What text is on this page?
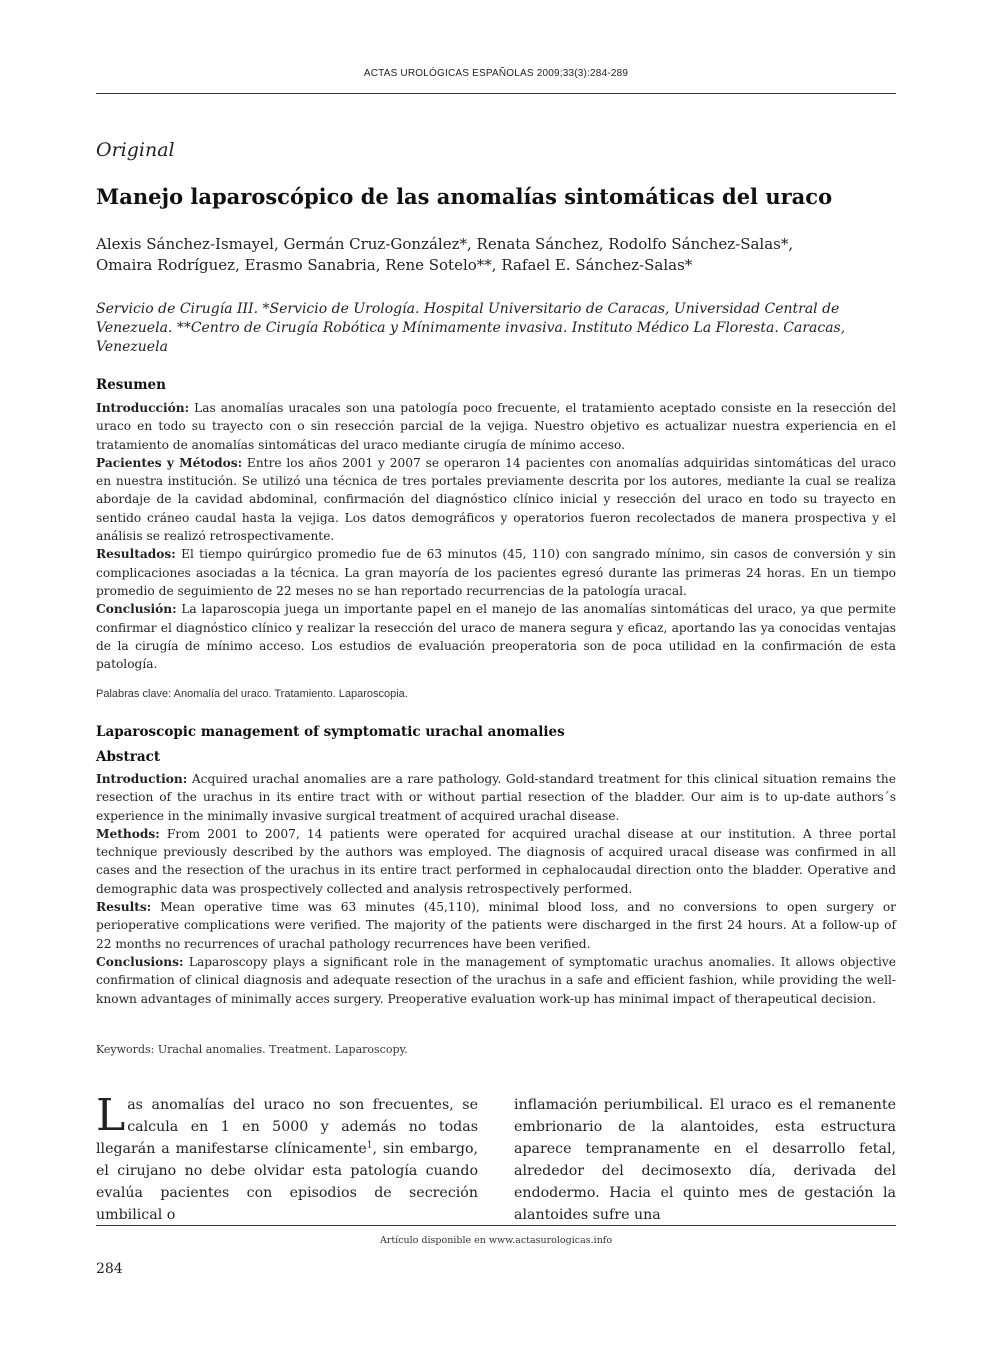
ACTAS UROLÓGICAS ESPAÑOLAS 2009;33(3):284-289
Original
Manejo laparoscópico de las anomalías sintomáticas del uraco
Alexis Sánchez-Ismayel, Germán Cruz-González*, Renata Sánchez, Rodolfo Sánchez-Salas*,
Omaira Rodríguez, Erasmo Sanabria, Rene Sotelo**, Rafael E. Sánchez-Salas*
Servicio de Cirugía III. *Servicio de Urología. Hospital Universitario de Caracas, Universidad Central de Venezuela. **Centro de Cirugía Robótica y Mínimamente invasiva. Instituto Médico La Floresta. Caracas, Venezuela
Resumen

Introducción: Las anomalías uracales son una patología poco frecuente, el tratamiento aceptado consiste en la resección del uraco en todo su trayecto con o sin resección parcial de la vejiga. Nuestro objetivo es actualizar nuestra experiencia en el tratamiento de anomalías sintomáticas del uraco mediante cirugía de mínimo acceso.

Pacientes y Métodos: Entre los años 2001 y 2007 se operaron 14 pacientes con anomalías adquiridas sintomáticas del uraco en nuestra institución. Se utilizó una técnica de tres portales previamente descrita por los autores, mediante la cual se realiza abordaje de la cavidad abdominal, confirmación del diagnóstico clínico inicial y resección del uraco en todo su trayecto en sentido cráneo caudal hasta la vejiga. Los datos demográficos y operatorios fueron recolectados de manera prospectiva y el análisis se realizó retrospectivamente.

Resultados: El tiempo quirúrgico promedio fue de 63 minutos (45, 110) con sangrado mínimo, sin casos de conversión y sin complicaciones asociadas a la técnica. La gran mayoría de los pacientes egresó durante las primeras 24 horas. En un tiempo promedio de seguimiento de 22 meses no se han reportado recurrencias de la patología uracal.

Conclusión: La laparoscopia juega un importante papel en el manejo de las anomalías sintomáticas del uraco, ya que permite confirmar el diagnóstico clínico y realizar la resección del uraco de manera segura y eficaz, aportando las ya conocidas ventajas de la cirugía de mínimo acceso. Los estudios de evaluación preoperatoria son de poca utilidad en la confirmación de esta patología.

Palabras clave: Anomalía del uraco. Tratamiento. Laparoscopia.
Laparoscopic management of symptomatic urachal anomalies
Abstract

Introduction: Acquired urachal anomalies are a rare pathology. Gold-standard treatment for this clinical situation remains the resection of the urachus in its entire tract with or without partial resection of the bladder. Our aim is to up-date authors´s experience in the minimally invasive surgical treatment of acquired urachal disease.

Methods: From 2001 to 2007, 14 patients were operated for acquired urachal disease at our institution. A three portal technique previously described by the authors was employed. The diagnosis of acquired uracal disease was confirmed in all cases and the resection of the urachus in its entire tract performed in cephalocaudal direction onto the bladder. Operative and demographic data was prospectively collected and analysis retrospectively performed.

Results: Mean operative time was 63 minutes (45,110), minimal blood loss, and no conversions to open surgery or perioperative complications were verified. The majority of the patients were discharged in the first 24 hours. At a follow-up of 22 months no recurrences of urachal pathology recurrences have been verified.

Conclusions: Laparoscopy plays a significant role in the management of symptomatic urachus anomalies. It allows objective confirmation of clinical diagnosis and adequate resection of the urachus in a safe and efficient fashion, while providing the well-known advantages of minimally acces surgery. Preoperative evaluation work-up has minimal impact of therapeutical decision.

Keywords: Urachal anomalies. Treatment. Laparoscopy.
Las anomalías del uraco no son frecuentes, se calcula en 1 en 5000 y además no todas llegarán a manifestarse clínicamente$^1$, sin embargo, el cirujano no debe olvidar esta patología cuando evalúa pacientes con episodios de secreción umbilical o
inflamación periumbilical. El uraco es el remanente embrionario de la alantoides, esta estructura aparece tempranamente en el desarrollo fetal, alrededor del decimosexto día, derivada del endodermo. Hacia el quinto mes de gestación la alantoides sufre una
Artículo disponible en www.actasurologicas.info
284
